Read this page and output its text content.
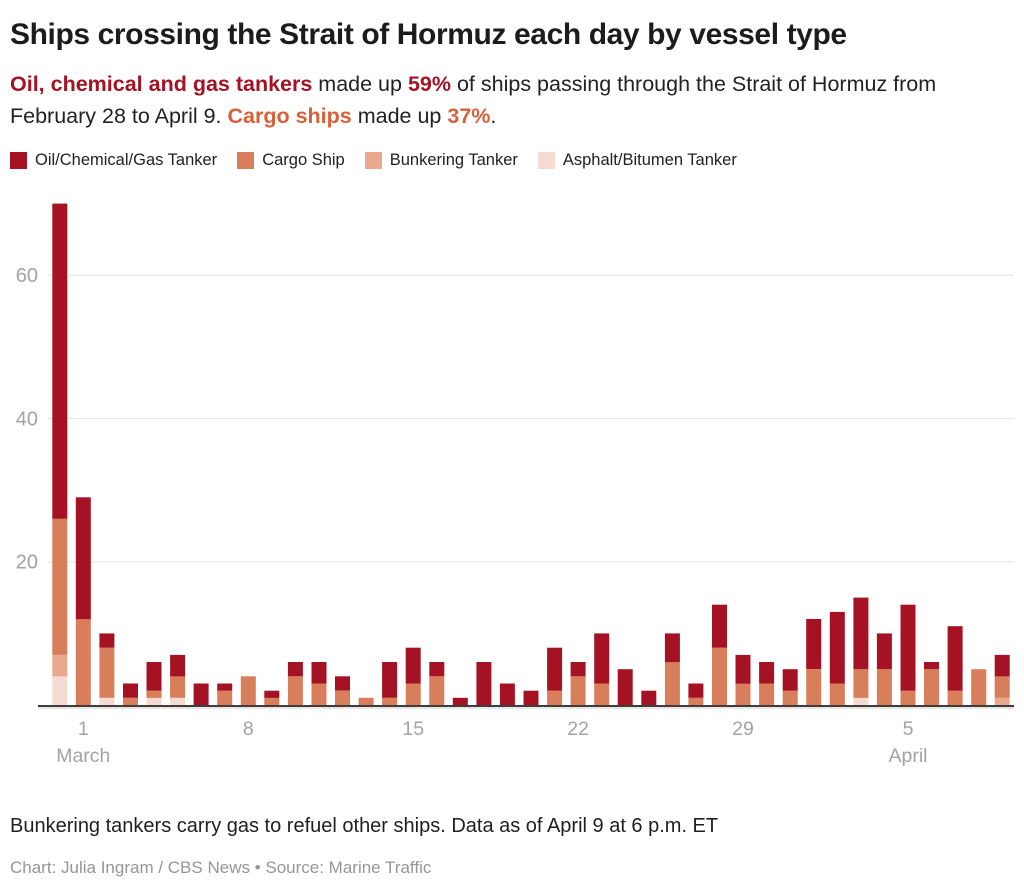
Ships crossing the Strait of Hormuz each day by vessel type

Oil, chemical and gas tankers made up 59% of ships passing through the Strait of Hormuz from February 28 to April 9. Cargo ships made up 37%.

Oil/Chemical/Gas Tanker	Cargo Ship	Bunkering Tanker	Asphalt/Bitumen Tanker
20
40
60
1	8	15	22	29	5
March	April

Bunkering tankers carry gas to refuel other ships. Data as of April 9 at 6 p.m. ET

Chart: Julia Ingram / CBS News • Source: Marine Traffic
